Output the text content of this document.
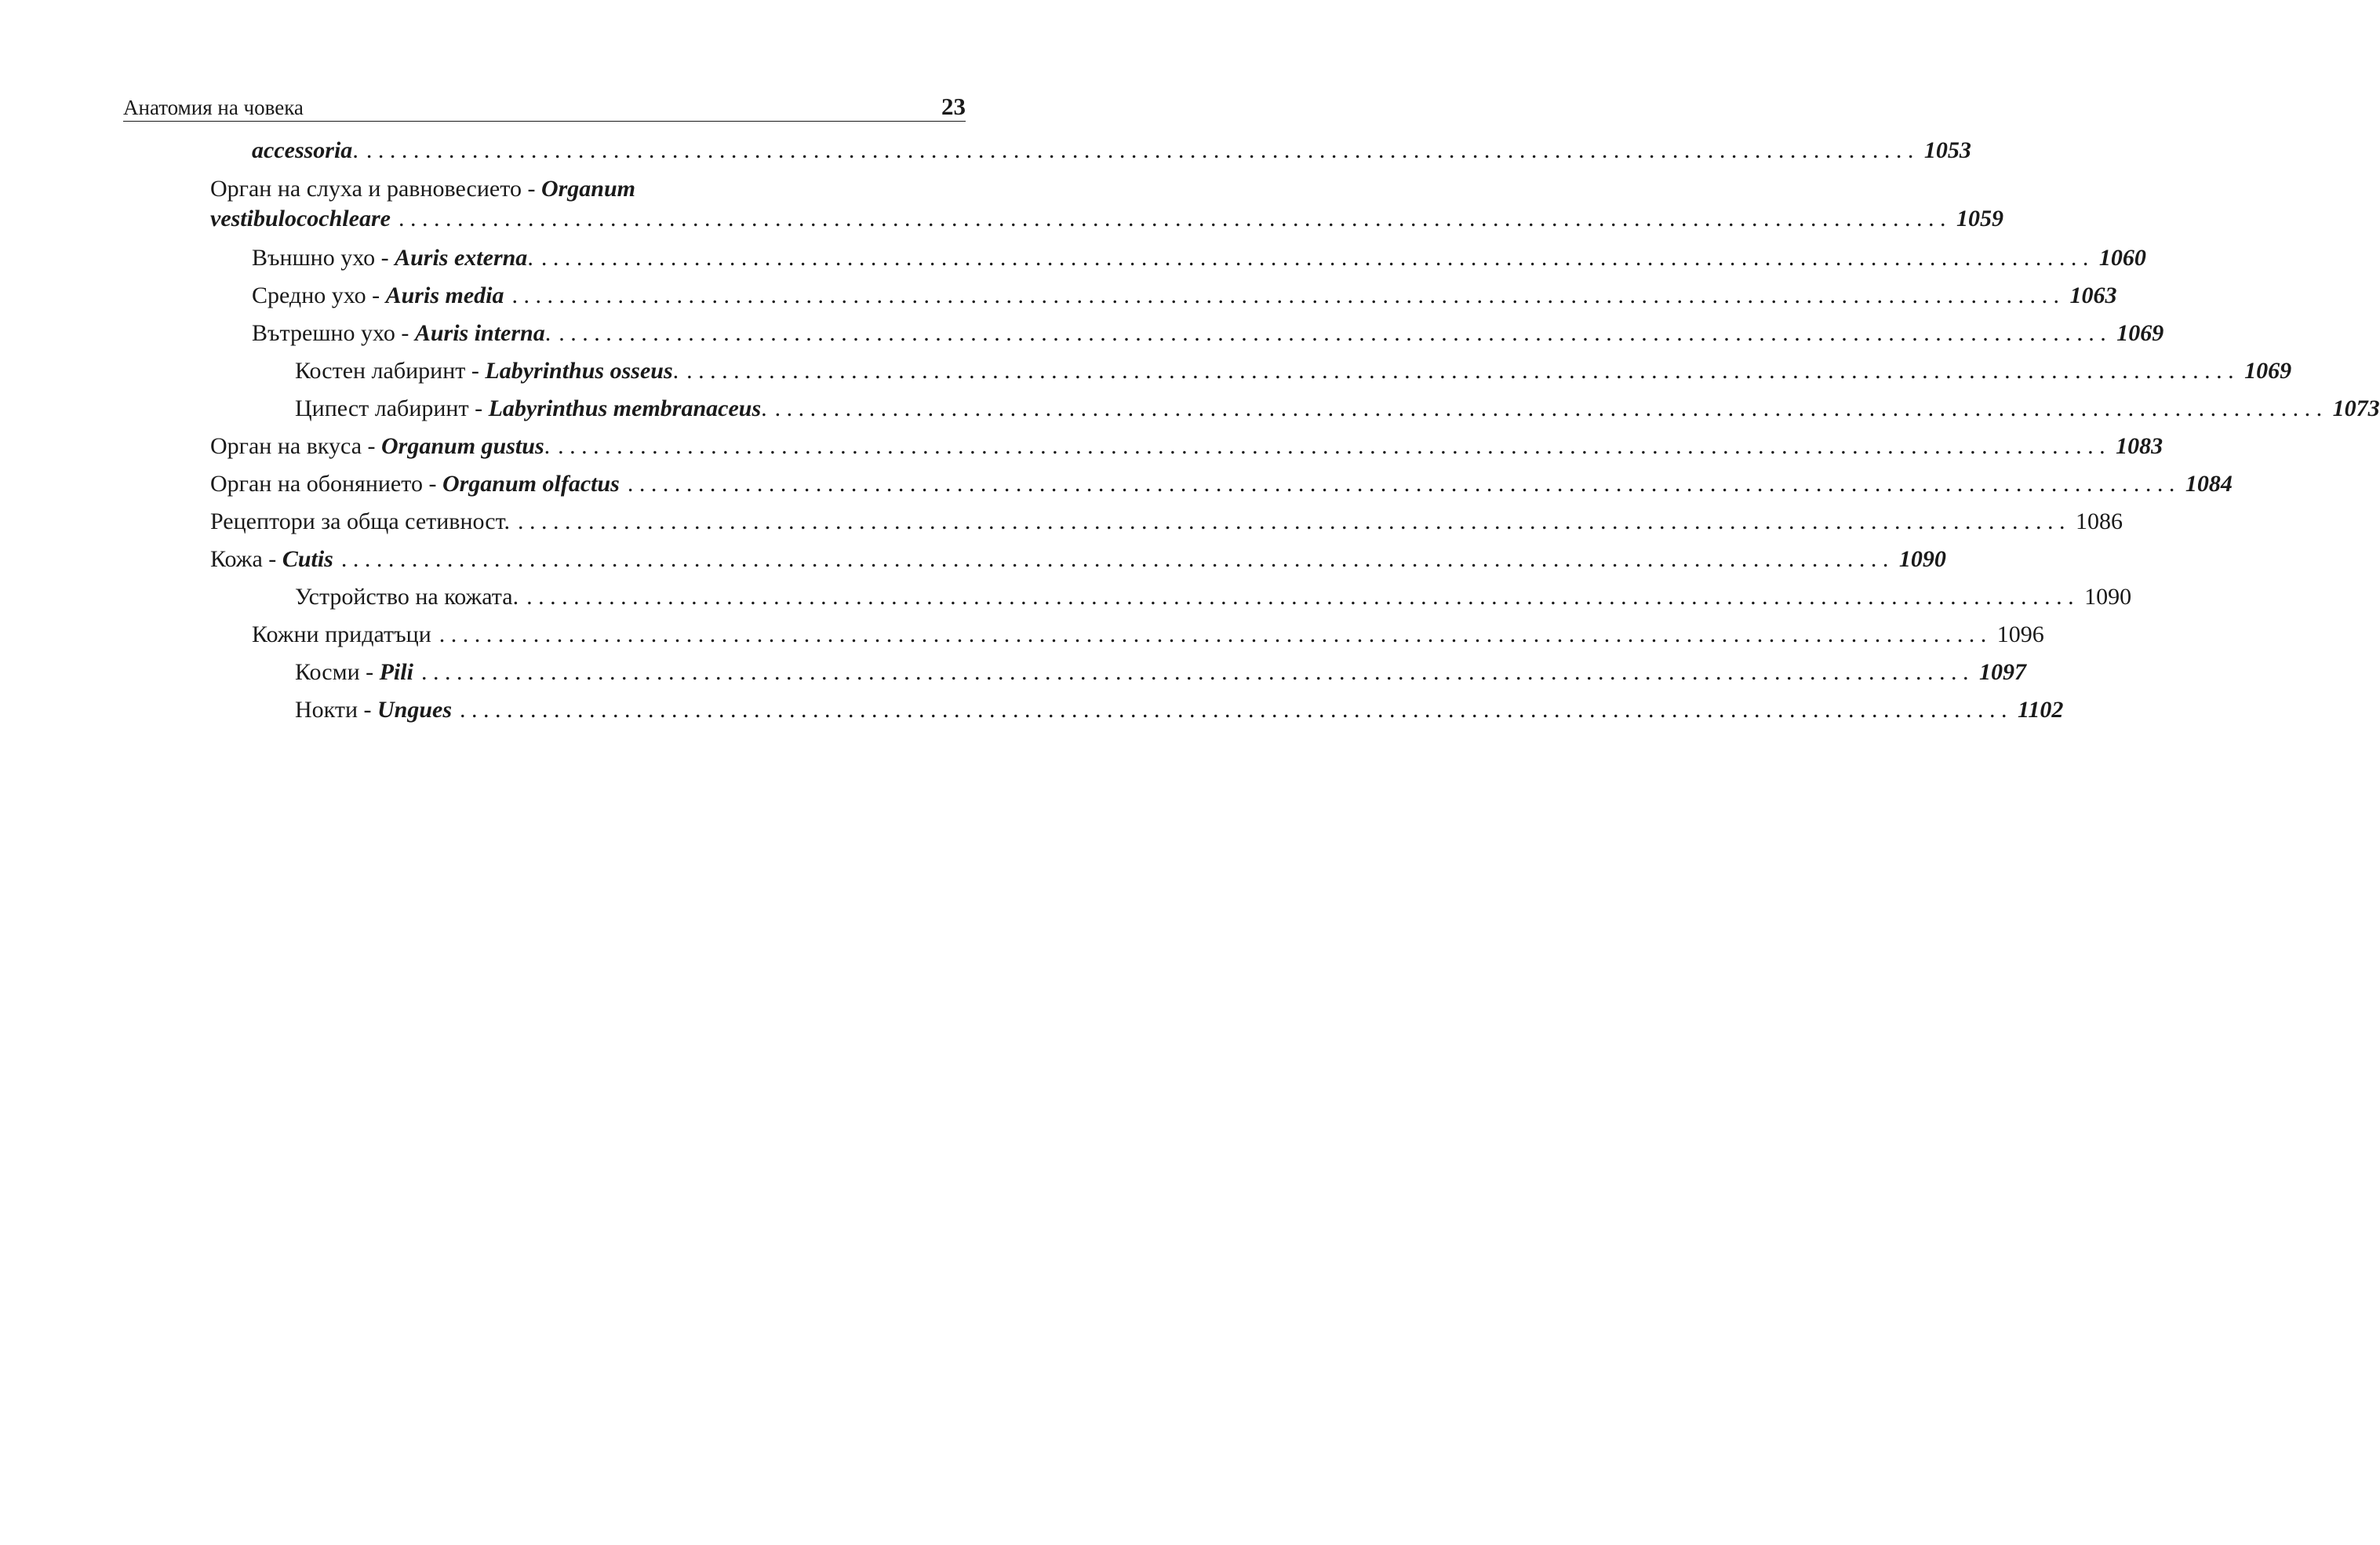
Анатомия на човека	23
accessoria. .................................................................................................................................... 1053
Орган на слуха и равновесието - Organum
vestibulocochleare .................................................................................................................................... 1059
Външно ухо - Auris externa. .................................................................................................................................... 1060
Средно ухо - Auris media .................................................................................................................................... 1063
Вътрешно ухо - Auris interna. .................................................................................................................................... 1069
Костен лабиринт - Labyrinthus osseus. .................................................................................................................................... 1069
Ципест лабиринт - Labyrinthus membranaceus. .................................................................................................................................... 1073
Орган на вкуса - Organum gustus. .................................................................................................................................... 1083
Орган на обонянието - Organum olfactus .................................................................................................................................... 1084
Рецептори за обща сетивност. .................................................................................................................................... 1086
Кожа - Cutis .................................................................................................................................... 1090
Устройство на кожата. .................................................................................................................................... 1090
Кожни придатъци .................................................................................................................................... 1096
Косми - Pili .................................................................................................................................... 1097
Нокти - Ungues .................................................................................................................................... 1102
